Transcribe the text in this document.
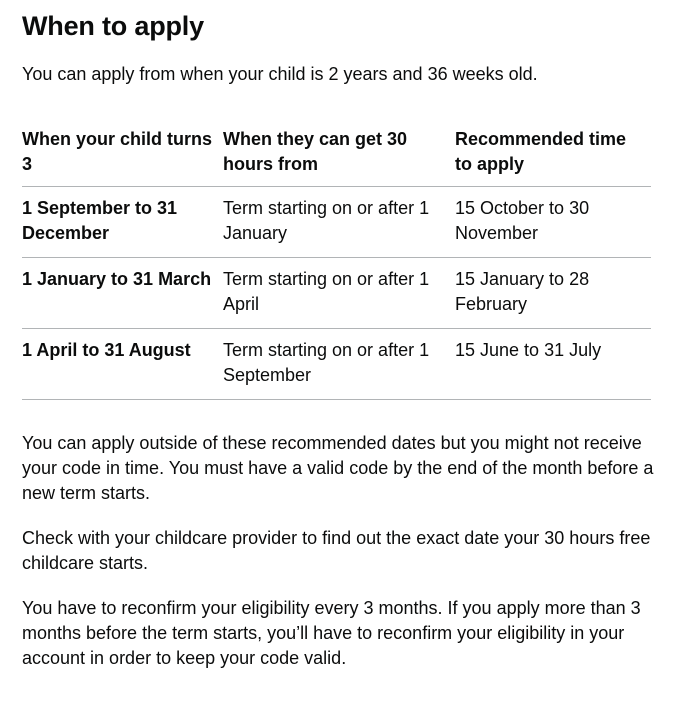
When to apply

You can apply from when your child is 2 years and 36 weeks old.

When your child turns 3	When they can get 30 hours from	Recommended time to apply
1 September to 31 December	Term starting on or after 1 January	15 October to 30 November
1 January to 31 March	Term starting on or after 1 April	15 January to 28 February
1 April to 31 August	Term starting on or after 1 September	15 June to 31 July

You can apply outside of these recommended dates but you might not receive your code in time. You must have a valid code by the end of the month before a new term starts.

Check with your childcare provider to find out the exact date your 30 hours free childcare starts.

You have to reconfirm your eligibility every 3 months. If you apply more than 3 months before the term starts, you’ll have to reconfirm your eligibility in your account in order to keep your code valid.
